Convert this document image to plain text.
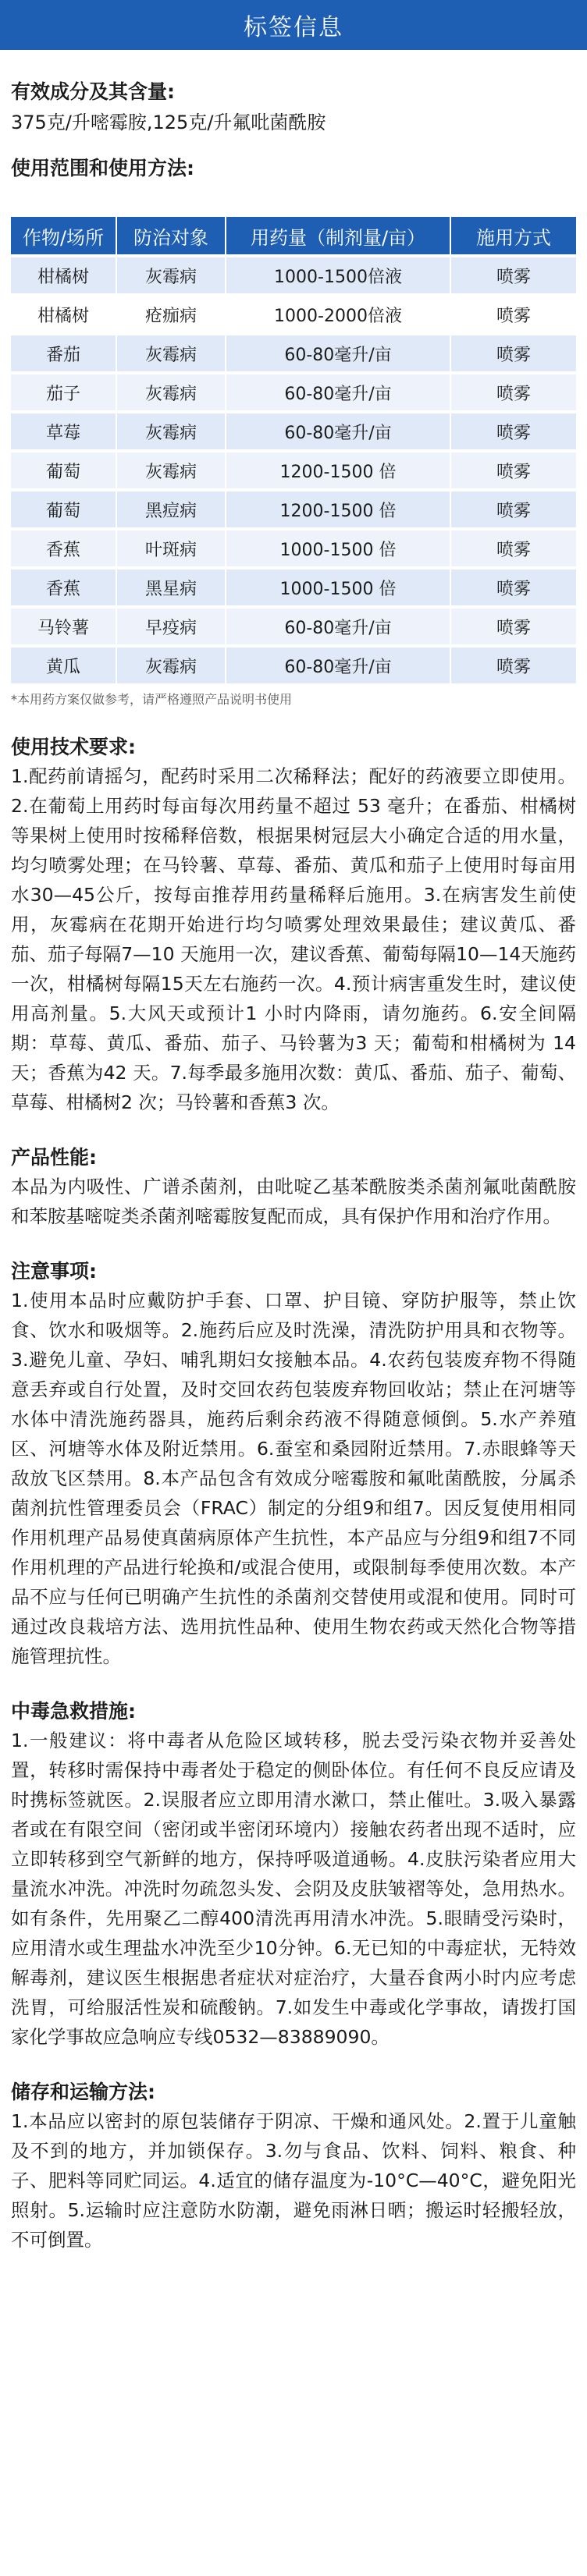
标签信息
有效成分及其含量:
375克/升嘧霉胺,125克/升氟吡菌酰胺
使用范围和使用方法:
作物/场所	防治对象	用药量（制剂量/亩）	施用方式
柑橘树	灰霉病	1000-1500倍液	喷雾
柑橘树	疮痂病	1000-2000倍液	喷雾
番茄	灰霉病	60-80毫升/亩	喷雾
茄子	灰霉病	60-80毫升/亩	喷雾
草莓	灰霉病	60-80毫升/亩	喷雾
葡萄	灰霉病	1200-1500 倍	喷雾
葡萄	黑痘病	1200-1500 倍	喷雾
香蕉	叶斑病	1000-1500 倍	喷雾
香蕉	黑星病	1000-1500 倍	喷雾
马铃薯	早疫病	60-80毫升/亩	喷雾
黄瓜	灰霉病	60-80毫升/亩	喷雾
*本用药方案仅做参考，请严格遵照产品说明书使用
使用技术要求:
1.配药前请摇匀，配药时采用二次稀释法；配好的药液要立即使用。2.在葡萄上用药时每亩每次用药量不超过 53 毫升；在番茄、柑橘树等果树上使用时按稀释倍数，根据果树冠层大小确定合适的用水量，均匀喷雾处理；在马铃薯、草莓、番茄、黄瓜和茄子上使用时每亩用水30—45公斤，按每亩推荐用药量稀释后施用。3.在病害发生前使用，灰霉病在花期开始进行均匀喷雾处理效果最佳；建议黄瓜、番茄、茄子每隔7—10 天施用一次，建议香蕉、葡萄每隔10—14天施药一次，柑橘树每隔15天左右施药一次。4.预计病害重发生时，建议使用高剂量。5.大风天或预计1 小时内降雨，请勿施药。6.安全间隔期：草莓、黄瓜、番茄、茄子、马铃薯为3 天；葡萄和柑橘树为 14 天；香蕉为42 天。7.每季最多施用次数：黄瓜、番茄、茄子、葡萄、草莓、柑橘树2 次；马铃薯和香蕉3 次。
产品性能:
本品为内吸性、广谱杀菌剂，由吡啶乙基苯酰胺类杀菌剂氟吡菌酰胺和苯胺基嘧啶类杀菌剂嘧霉胺复配而成，具有保护作用和治疗作用。
注意事项:
1.使用本品时应戴防护手套、口罩、护目镜、穿防护服等，禁止饮食、饮水和吸烟等。2.施药后应及时洗澡，清洗防护用具和衣物等。3.避免儿童、孕妇、哺乳期妇女接触本品。4.农药包装废弃物不得随意丢弃或自行处置，及时交回农药包装废弃物回收站；禁止在河塘等水体中清洗施药器具，施药后剩余药液不得随意倾倒。5.水产养殖区、河塘等水体及附近禁用。6.蚕室和桑园附近禁用。7.赤眼蜂等天敌放飞区禁用。8.本产品包含有效成分嘧霉胺和氟吡菌酰胺，分属杀菌剂抗性管理委员会（FRAC）制定的分组9和组7。因反复使用相同作用机理产品易使真菌病原体产生抗性，本产品应与分组9和组7不同作用机理的产品进行轮换和/或混合使用，或限制每季使用次数。本产品不应与任何已明确产生抗性的杀菌剂交替使用或混和使用。同时可通过改良栽培方法、选用抗性品种、使用生物农药或天然化合物等措施管理抗性。
中毒急救措施:
1.一般建议：将中毒者从危险区域转移，脱去受污染衣物并妥善处置，转移时需保持中毒者处于稳定的侧卧体位。有任何不良反应请及时携标签就医。2.误服者应立即用清水漱口，禁止催吐。3.吸入暴露者或在有限空间（密闭或半密闭环境内）接触农药者出现不适时，应立即转移到空气新鲜的地方，保持呼吸道通畅。4.皮肤污染者应用大量流水冲洗。冲洗时勿疏忽头发、会阴及皮肤皱褶等处，急用热水。如有条件，先用聚乙二醇400清洗再用清水冲洗。5.眼睛受污染时，应用清水或生理盐水冲洗至少10分钟。6.无已知的中毒症状，无特效解毒剂，建议医生根据患者症状对症治疗，大量吞食两小时内应考虑洗胃，可给服活性炭和硫酸钠。7.如发生中毒或化学事故，请拨打国家化学事故应急响应专线0532—83889090。
储存和运输方法:
1.本品应以密封的原包装储存于阴凉、干燥和通风处。2.置于儿童触及不到的地方，并加锁保存。3.勿与食品、饮料、饲料、粮食、种子、肥料等同贮同运。4.适宜的储存温度为-10°C—40°C，避免阳光照射。5.运输时应注意防水防潮，避免雨淋日晒；搬运时轻搬轻放，不可倒置。
